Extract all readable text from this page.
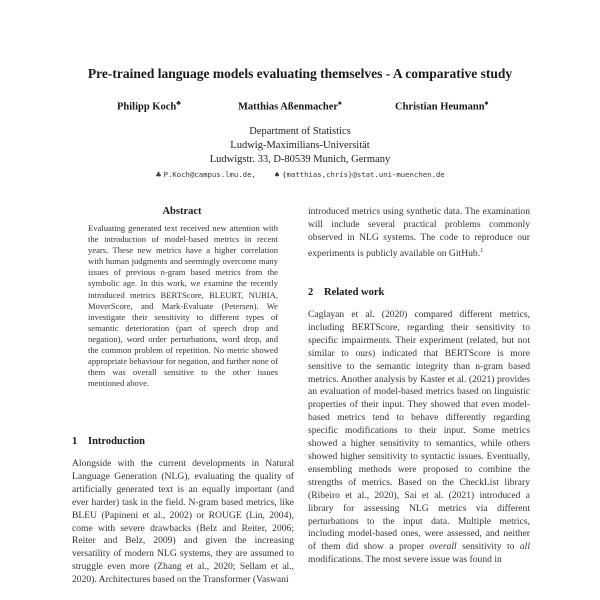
Pre-trained language models evaluating themselves - A comparative study
Philipp Koch♣	Matthias Aßenmacher♠	Christian Heumann♠
Department of Statistics
Ludwig-Maximilians-Universität
Ludwigstr. 33, D-80539 Munich, Germany
♣ P.Koch@campus.lmu.de,	♠ {matthias,chris}@stat.uni-muenchen.de
Abstract
Evaluating generated text received new attention with the introduction of model-based metrics in recent years. These new metrics have a higher correlation with human judgments and seemingly overcome many issues of previous n-gram based metrics from the symbolic age. In this work, we examine the recently introduced metrics BERTScore, BLEURT, NUBIA, MoverScore, and Mark-Evaluate (Petersen). We investigate their sensitivity to different types of semantic deterioration (part of speech drop and negation), word order perturbations, word drop, and the common problem of repetition. No metric showed appropriate behaviour for negation, and further none of them was overall sensitive to the other issues mentioned above.
1 Introduction
Alongside with the current developments in Natural Language Generation (NLG), evaluating the quality of artificially generated text is an equally important (and ever harder) task in the field. N-gram based metrics, like BLEU (Papineni et al., 2002) or ROUGE (Lin, 2004), come with severe drawbacks (Belz and Reiter, 2006; Reiter and Belz, 2009) and given the increasing versatility of modern NLG systems, they are assumed to struggle even more (Zhang et al., 2020; Sellam et al., 2020). Architectures based on the Transformer (Vaswani
introduced metrics using synthetic data. The examination will include several practical problems commonly observed in NLG systems. The code to reproduce our experiments is publicly available on GitHub.$^1$
2 Related work
Caglayan et al. (2020) compared different metrics, including BERTScore, regarding their sensitivity to specific impairments. Their experiment (related, but not similar to ours) indicated that BERTScore is more sensitive to the semantic integrity than n-gram based metrics. Another analysis by Kaster et al. (2021) provides an evaluation of model-based metrics based on linguistic properties of their input. They showed that even model-based metrics tend to behave differently regarding specific modifications to their input. Some metrics showed a higher sensitivity to semantics, while others showed higher sensitivity to syntactic issues. Eventually, ensembling methods were proposed to combine the strengths of metrics. Based on the CheckList library (Ribeiro et al., 2020), Sai et al. (2021) introduced a library for assessing NLG metrics via different perturbations to the input data. Multiple metrics, including model-based ones, were assessed, and neither of them did show a proper overall sensitivity to all modifications. The most severe issue was found in
